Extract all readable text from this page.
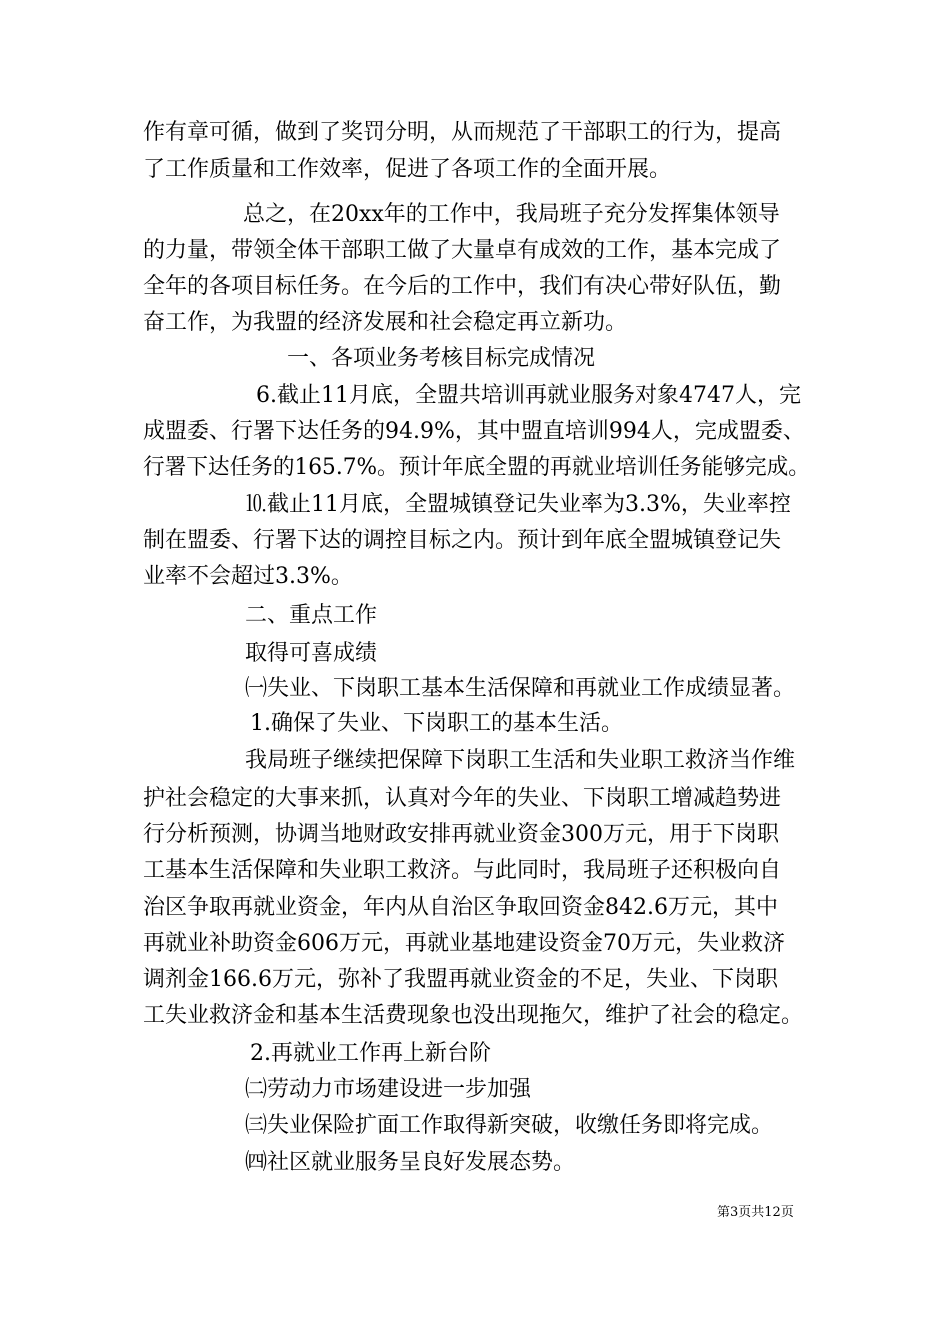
作有章可循，做到了奖罚分明，从而规范了干部职工的行为，提高
了工作质量和工作效率，促进了各项工作的全面开展。
总之，在20xx年的工作中，我局班子充分发挥集体领导
的力量，带领全体干部职工做了大量卓有成效的工作，基本完成了
全年的各项目标任务。在今后的工作中，我们有决心带好队伍，勤
奋工作，为我盟的经济发展和社会稳定再立新功。
一、各项业务考核目标完成情况
6.截止11月底，全盟共培训再就业服务对象4747人，完
成盟委、行署下达任务的94.9%，其中盟直培训994人，完成盟委、
行署下达任务的165.7%。预计年底全盟的再就业培训任务能够完成。
⒑截止11月底，全盟城镇登记失业率为3.3%，失业率控
制在盟委、行署下达的调控目标之内。预计到年底全盟城镇登记失
业率不会超过3.3%。
二、重点工作
取得可喜成绩
㈠失业、下岗职工基本生活保障和再就业工作成绩显著。
1.确保了失业、下岗职工的基本生活。
我局班子继续把保障下岗职工生活和失业职工救济当作维
护社会稳定的大事来抓，认真对今年的失业、下岗职工增减趋势进
行分析预测，协调当地财政安排再就业资金300万元，用于下岗职
工基本生活保障和失业职工救济。与此同时，我局班子还积极向自
治区争取再就业资金，年内从自治区争取回资金842.6万元，其中
再就业补助资金606万元，再就业基地建设资金70万元，失业救济
调剂金166.6万元，弥补了我盟再就业资金的不足，失业、下岗职
工失业救济金和基本生活费现象也没出现拖欠，维护了社会的稳定。
2.再就业工作再上新台阶
㈡劳动力市场建设进一步加强
㈢失业保险扩面工作取得新突破，收缴任务即将完成。
㈣社区就业服务呈良好发展态势。
第3页共12页
